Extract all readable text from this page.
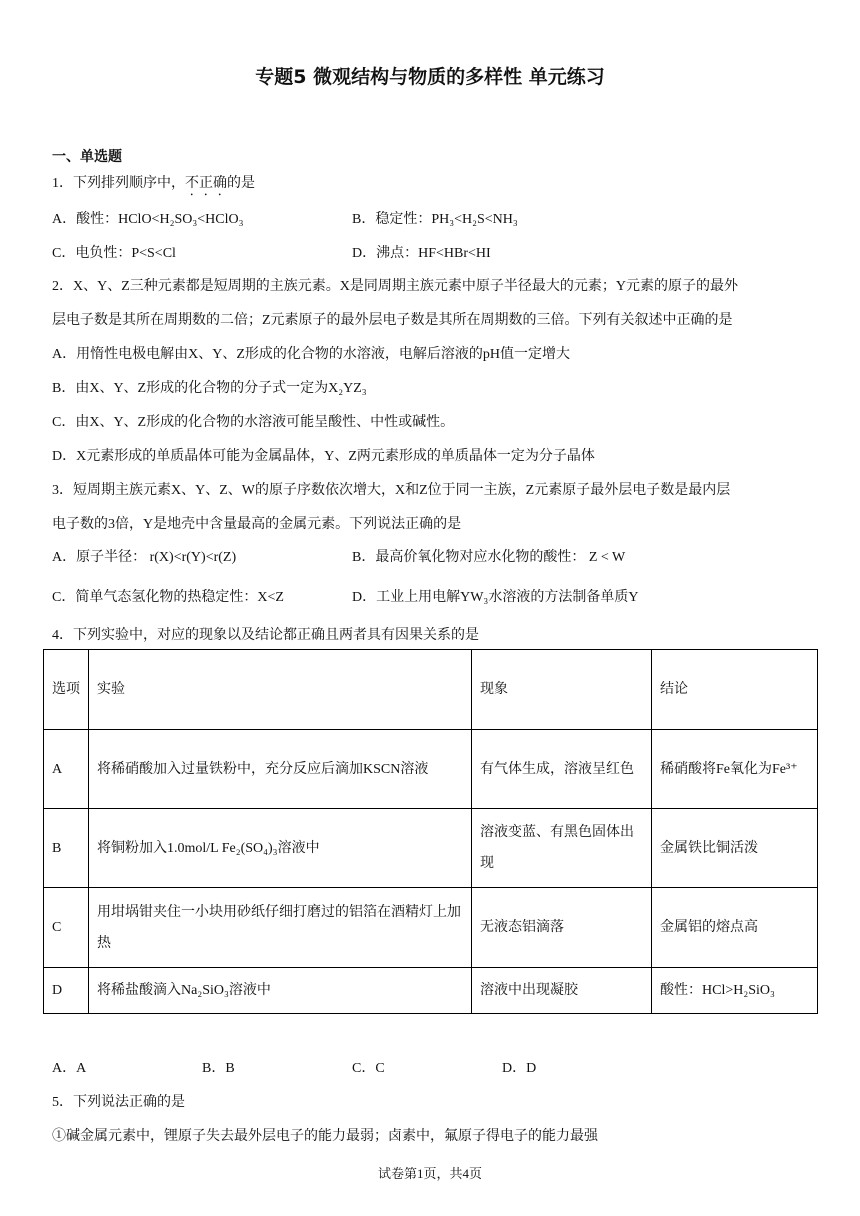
专题5 微观结构与物质的多样性 单元练习
一、单选题
1．下列排列顺序中，不正确的是
A．酸性：HClO<H₂SO₃<HClO₃	B．稳定性：PH₃<H₂S<NH₃
C．电负性：P<S<Cl	D．沸点：HF<HBr<HI
2．X、Y、Z三种元素都是短周期的主族元素。X是同周期主族元素中原子半径最大的元素；Y元素的原子的最外
层电子数是其所在周期数的二倍；Z元素原子的最外层电子数是其所在周期数的三倍。下列有关叙述中正确的是
A．用惰性电极电解由X、Y、Z形成的化合物的水溶液，电解后溶液的pH值一定增大
B．由X、Y、Z形成的化合物的分子式一定为X₂YZ₃
C．由X、Y、Z形成的化合物的水溶液可能呈酸性、中性或碱性。
D．X元素形成的单质晶体可能为金属晶体，Y、Z两元素形成的单质晶体一定为分子晶体
3．短周期主族元素X、Y、Z、W的原子序数依次增大，X和Z位于同一主族，Z元素原子最外层电子数是最内层
电子数的3倍，Y是地壳中含量最高的金属元素。下列说法正确的是
A．原子半径： r(X)<r(Y)<r(Z)	B．最高价氧化物对应水化物的酸性： Z < W
C．简单气态氢化物的热稳定性：X<Z	D．工业上用电解YW₃水溶液的方法制备单质Y
4．下列实验中，对应的现象以及结论都正确且两者具有因果关系的是
选项	实验	现象	结论
A	将稀硝酸加入过量铁粉中，充分反应后滴加KSCN溶液	有气体生成，溶液呈红色	稀硝酸将Fe氧化为Fe³⁺
B	将铜粉加入1.0mol/L Fe₂(SO₄)₃溶液中	溶液变蓝、有黑色固体出现	金属铁比铜活泼
C	用坩埚钳夹住一小块用砂纸仔细打磨过的铝箔在酒精灯上加热	无液态铝滴落	金属铝的熔点高
D	将稀盐酸滴入Na₂SiO₃溶液中	溶液中出现凝胶	酸性：HCl>H₂SiO₃
A．A	B．B	C．C	D．D
5．下列说法正确的是
①碱金属元素中，锂原子失去最外层电子的能力最弱；卤素中，氟原子得电子的能力最强
试卷第1页，共4页
